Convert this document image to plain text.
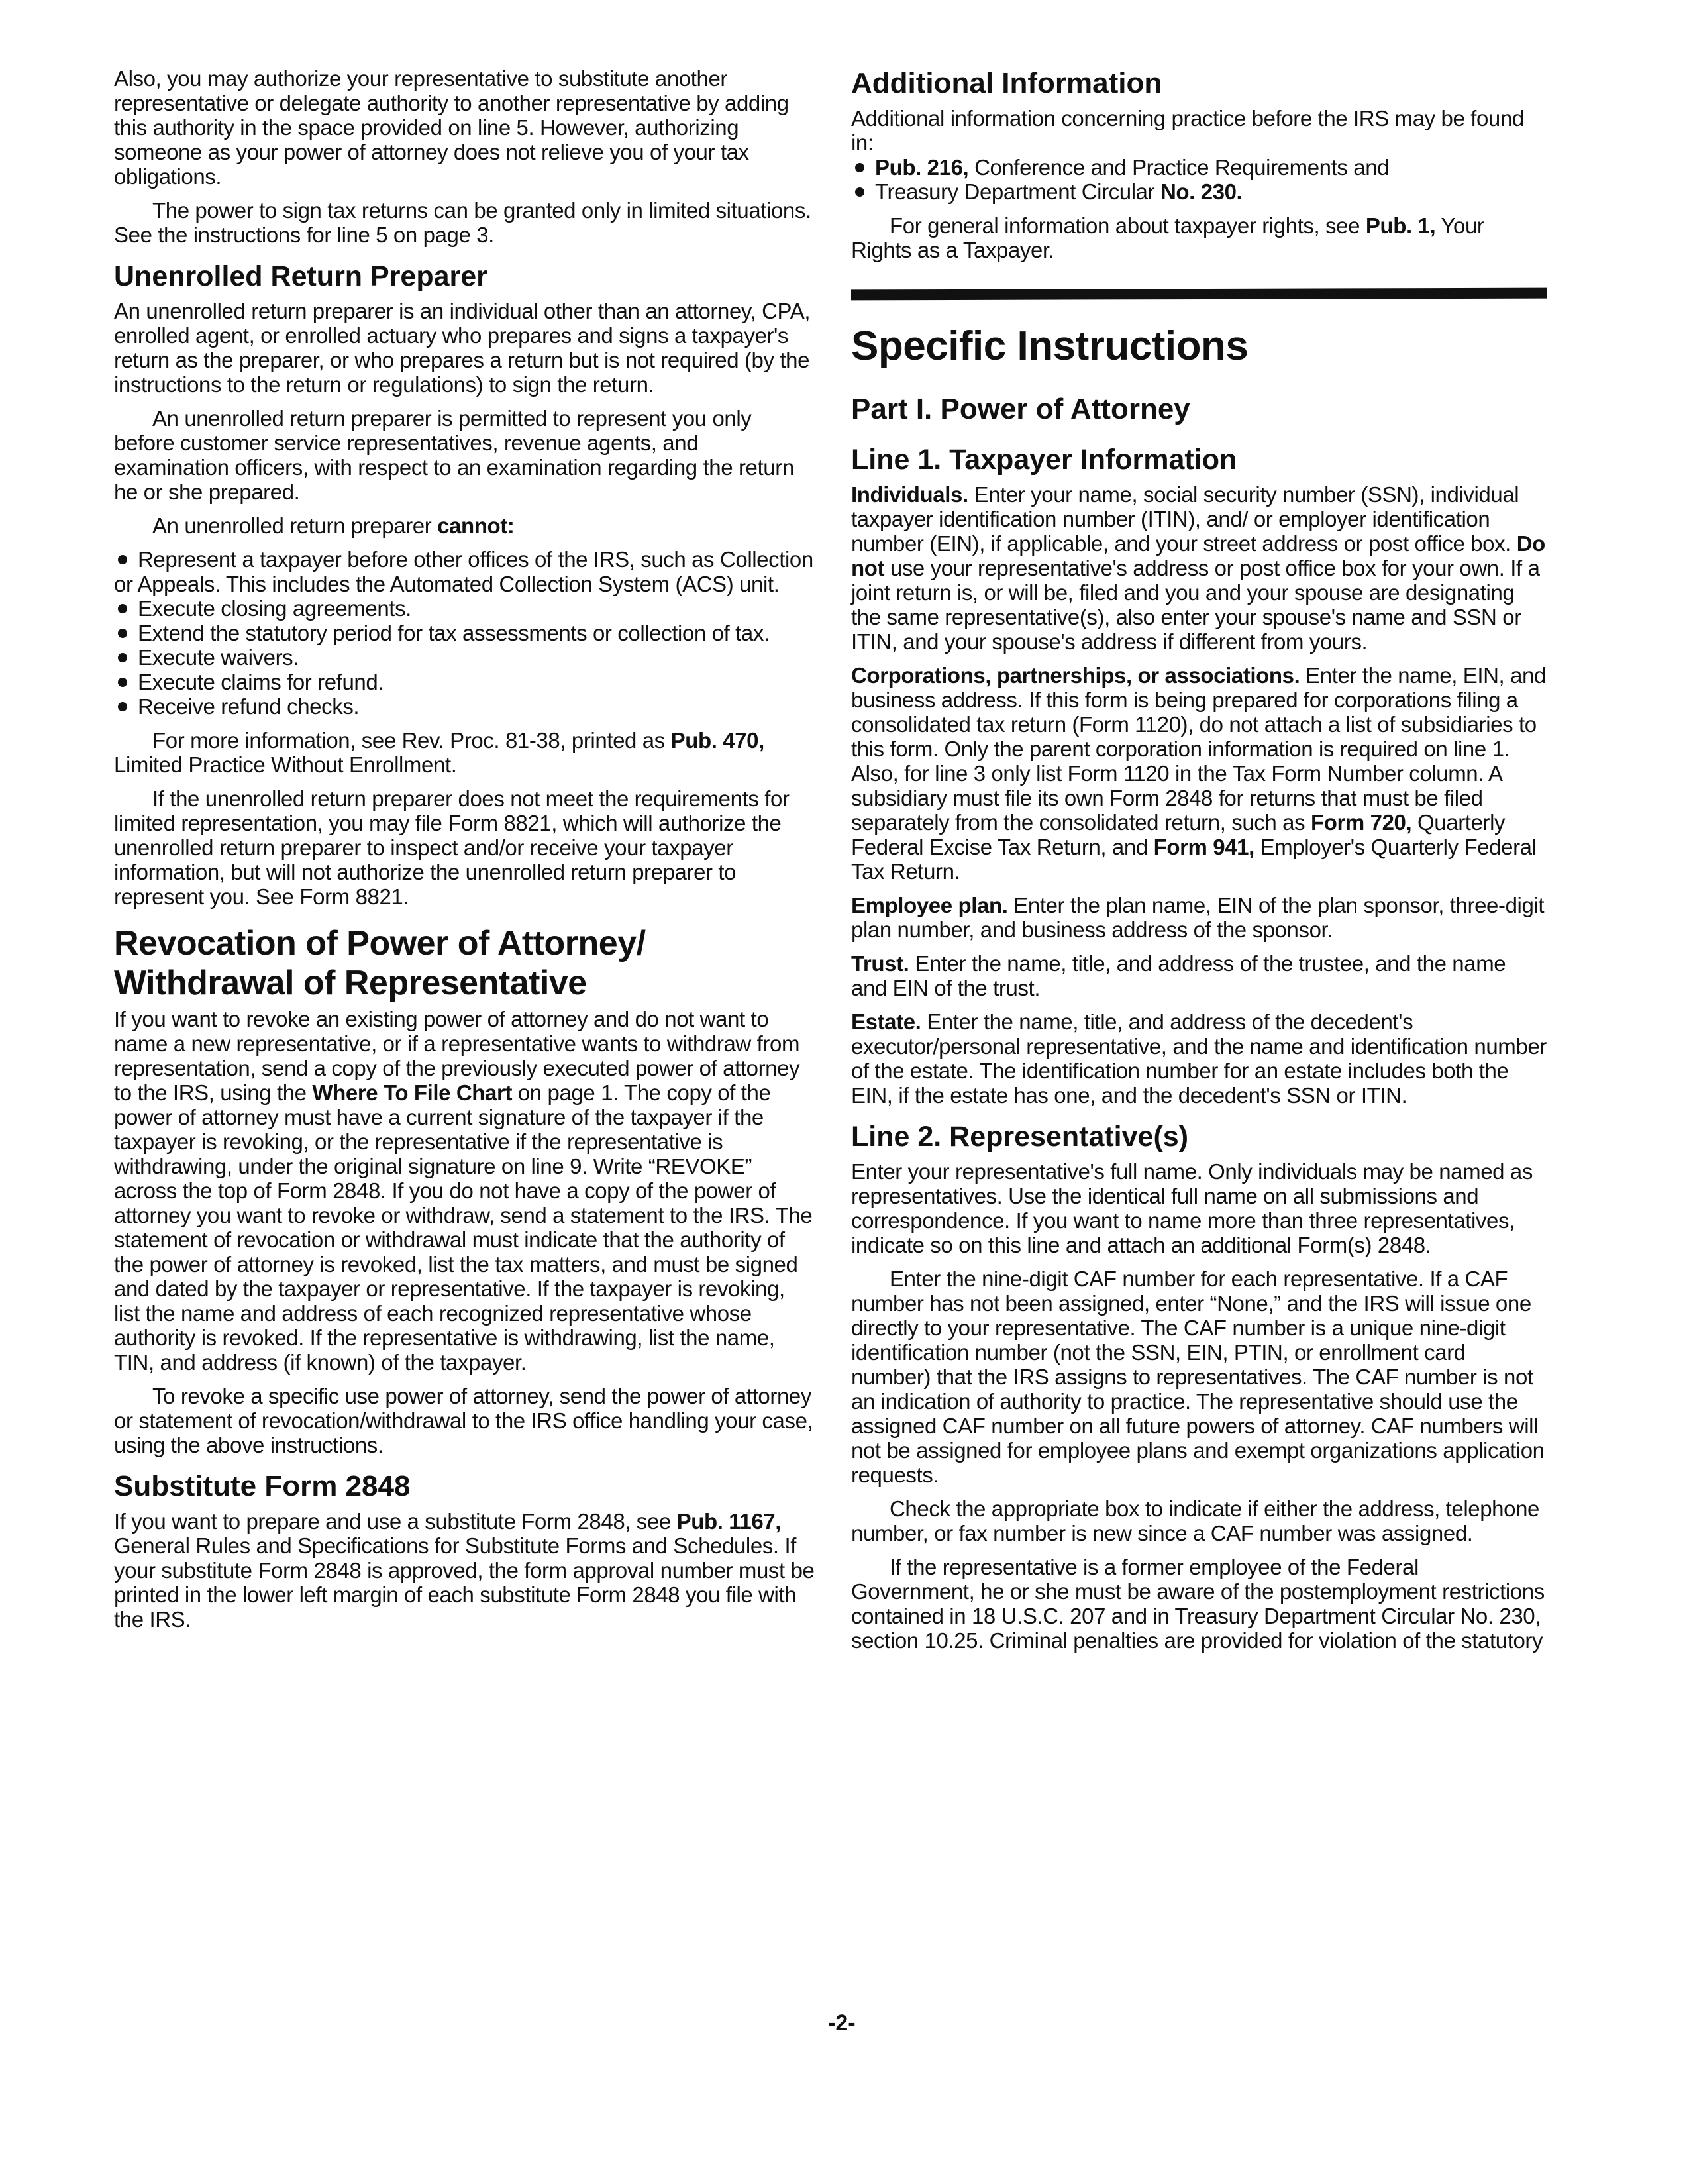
Also, you may authorize your representative to substitute another representative or delegate authority to another representative by adding this authority in the space provided on line 5. However, authorizing someone as your power of attorney does not relieve you of your tax obligations.

The power to sign tax returns can be granted only in limited situations. See the instructions for line 5 on page 3.

Unenrolled Return Preparer

An unenrolled return preparer is an individual other than an attorney, CPA, enrolled agent, or enrolled actuary who prepares and signs a taxpayer's return as the preparer, or who prepares a return but is not required (by the instructions to the return or regulations) to sign the return.

An unenrolled return preparer is permitted to represent you only before customer service representatives, revenue agents, and examination officers, with respect to an examination regarding the return he or she prepared.

An unenrolled return preparer cannot:

Represent a taxpayer before other offices of the IRS, such as Collection or Appeals. This includes the Automated Collection System (ACS) unit.
Execute closing agreements.
Extend the statutory period for tax assessments or collection of tax.
Execute waivers.
Execute claims for refund.
Receive refund checks.

For more information, see Rev. Proc. 81-38, printed as Pub. 470, Limited Practice Without Enrollment.

If the unenrolled return preparer does not meet the requirements for limited representation, you may file Form 8821, which will authorize the unenrolled return preparer to inspect and/or receive your taxpayer information, but will not authorize the unenrolled return preparer to represent you. See Form 8821.

Revocation of Power of Attorney/ Withdrawal of Representative

If you want to revoke an existing power of attorney and do not want to name a new representative, or if a representative wants to withdraw from representation, send a copy of the previously executed power of attorney to the IRS, using the Where To File Chart on page 1. The copy of the power of attorney must have a current signature of the taxpayer if the taxpayer is revoking, or the representative if the representative is withdrawing, under the original signature on line 9. Write “REVOKE” across the top of Form 2848. If you do not have a copy of the power of attorney you want to revoke or withdraw, send a statement to the IRS. The statement of revocation or withdrawal must indicate that the authority of the power of attorney is revoked, list the tax matters, and must be signed and dated by the taxpayer or representative. If the taxpayer is revoking, list the name and address of each recognized representative whose authority is revoked. If the representative is withdrawing, list the name, TIN, and address (if known) of the taxpayer.

To revoke a specific use power of attorney, send the power of attorney or statement of revocation/withdrawal to the IRS office handling your case, using the above instructions.

Substitute Form 2848

If you want to prepare and use a substitute Form 2848, see Pub. 1167, General Rules and Specifications for Substitute Forms and Schedules. If your substitute Form 2848 is approved, the form approval number must be printed in the lower left margin of each substitute Form 2848 you file with the IRS.

Additional Information

Additional information concerning practice before the IRS may be found in:

Pub. 216, Conference and Practice Requirements and
Treasury Department Circular No. 230.

For general information about taxpayer rights, see Pub. 1, Your Rights as a Taxpayer.

Specific Instructions
Part I. Power of Attorney
Line 1. Taxpayer Information

Individuals. Enter your name, social security number (SSN), individual taxpayer identification number (ITIN), and/ or employer identification number (EIN), if applicable, and your street address or post office box. Do not use your representative's address or post office box for your own. If a joint return is, or will be, filed and you and your spouse are designating the same representative(s), also enter your spouse's name and SSN or ITIN, and your spouse's address if different from yours.

Corporations, partnerships, or associations. Enter the name, EIN, and business address. If this form is being prepared for corporations filing a consolidated tax return (Form 1120), do not attach a list of subsidiaries to this form. Only the parent corporation information is required on line 1. Also, for line 3 only list Form 1120 in the Tax Form Number column. A subsidiary must file its own Form 2848 for returns that must be filed separately from the consolidated return, such as Form 720, Quarterly Federal Excise Tax Return, and Form 941, Employer's Quarterly Federal Tax Return.

Employee plan. Enter the plan name, EIN of the plan sponsor, three-digit plan number, and business address of the sponsor.

Trust. Enter the name, title, and address of the trustee, and the name and EIN of the trust.

Estate. Enter the name, title, and address of the decedent's executor/personal representative, and the name and identification number of the estate. The identification number for an estate includes both the EIN, if the estate has one, and the decedent's SSN or ITIN.

Line 2. Representative(s)

Enter your representative's full name. Only individuals may be named as representatives. Use the identical full name on all submissions and correspondence. If you want to name more than three representatives, indicate so on this line and attach an additional Form(s) 2848.

Enter the nine-digit CAF number for each representative. If a CAF number has not been assigned, enter “None,” and the IRS will issue one directly to your representative. The CAF number is a unique nine-digit identification number (not the SSN, EIN, PTIN, or enrollment card number) that the IRS assigns to representatives. The CAF number is not an indication of authority to practice. The representative should use the assigned CAF number on all future powers of attorney. CAF numbers will not be assigned for employee plans and exempt organizations application requests.

Check the appropriate box to indicate if either the address, telephone number, or fax number is new since a CAF number was assigned.

If the representative is a former employee of the Federal Government, he or she must be aware of the postemployment restrictions contained in 18 U.S.C. 207 and in Treasury Department Circular No. 230, section 10.25. Criminal penalties are provided for violation of the statutory

-2-
